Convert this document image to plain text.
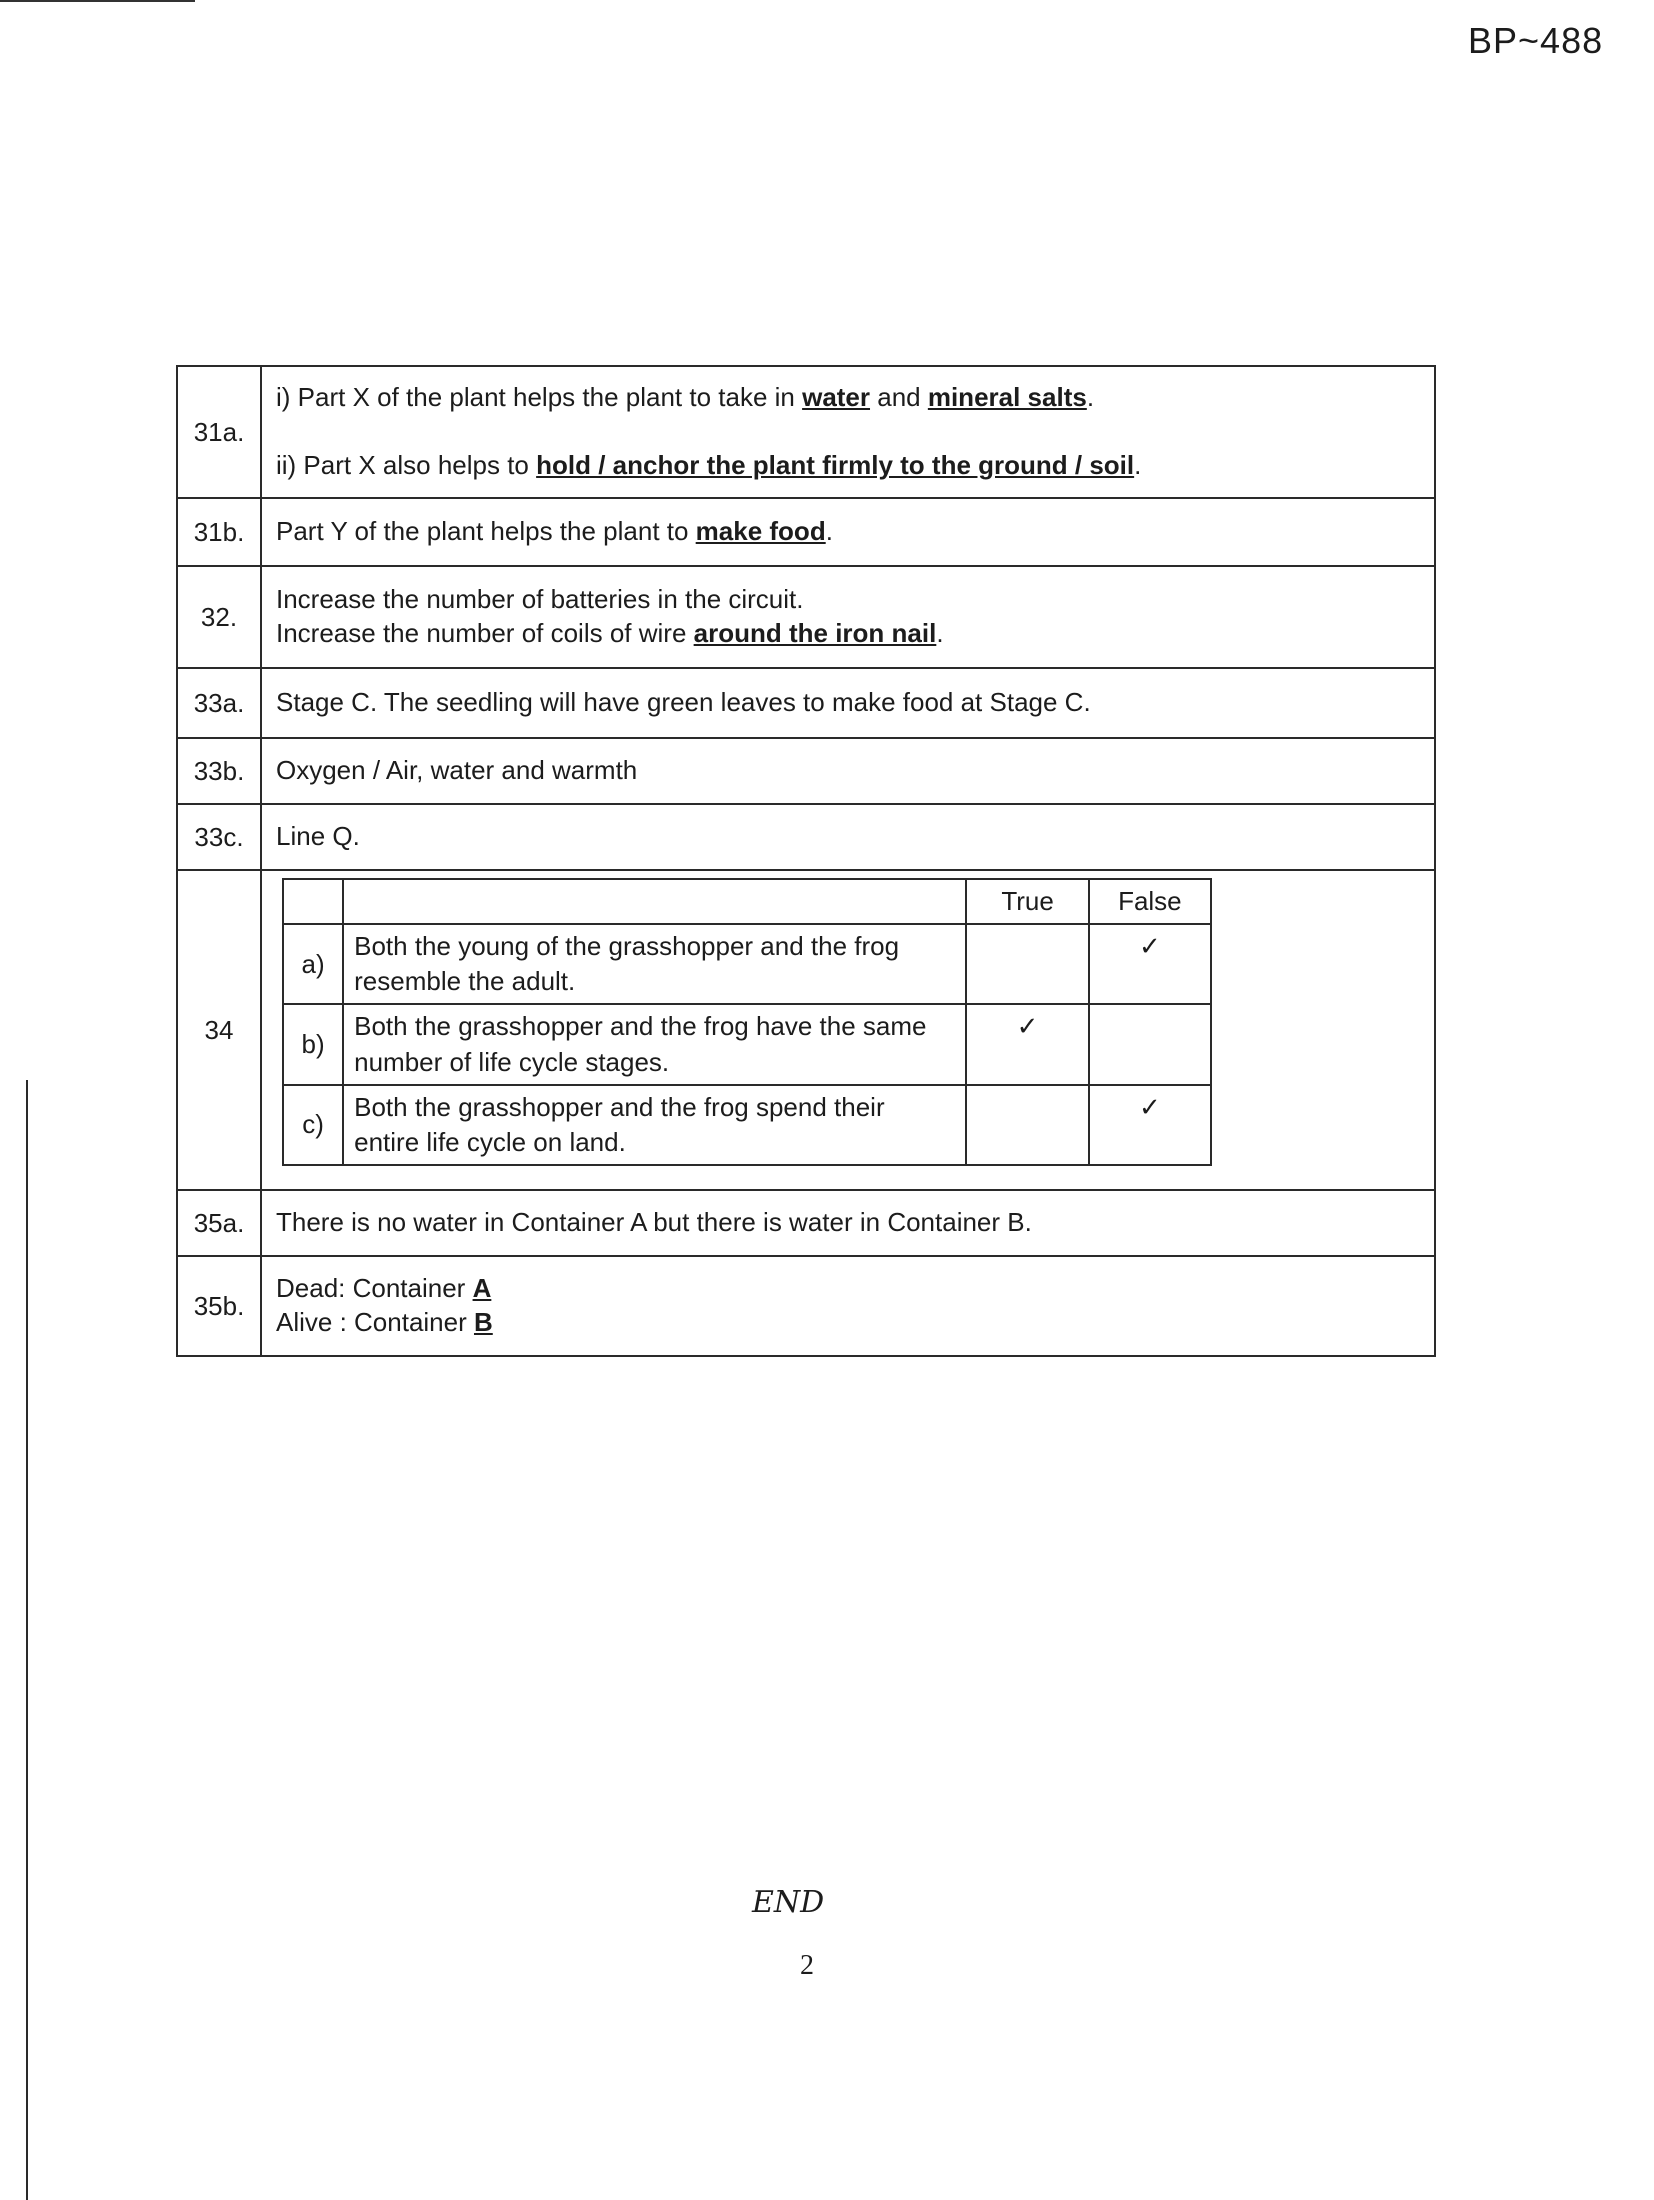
BP~488
31a.	

i) Part X of the plant helps the plant to take in water and mineral salts.

ii) Part X also helps to hold / anchor the plant firmly to the ground / soil.

31b.	Part Y of the plant helps the plant to make food.

32.	

Increase the number of batteries in the circuit.

Increase the number of coils of wire around the iron nail.

33a.	Stage C. The seedling will have green leaves to make food at Stage C.

33b.	Oxygen / Air, water and warmth

33c.	Line Q.

34	
		True	False
a)	Both the young of the grasshopper and the frog resemble the adult.		✓
b)	Both the grasshopper and the frog have the same number of life cycle stages.	✓	
c)	Both the grasshopper and the frog spend their entire life cycle on land.		✓

35a.	There is no water in Container A but there is water in Container B.

35b.	

Dead: Container A

Alive : Container B

END
2
